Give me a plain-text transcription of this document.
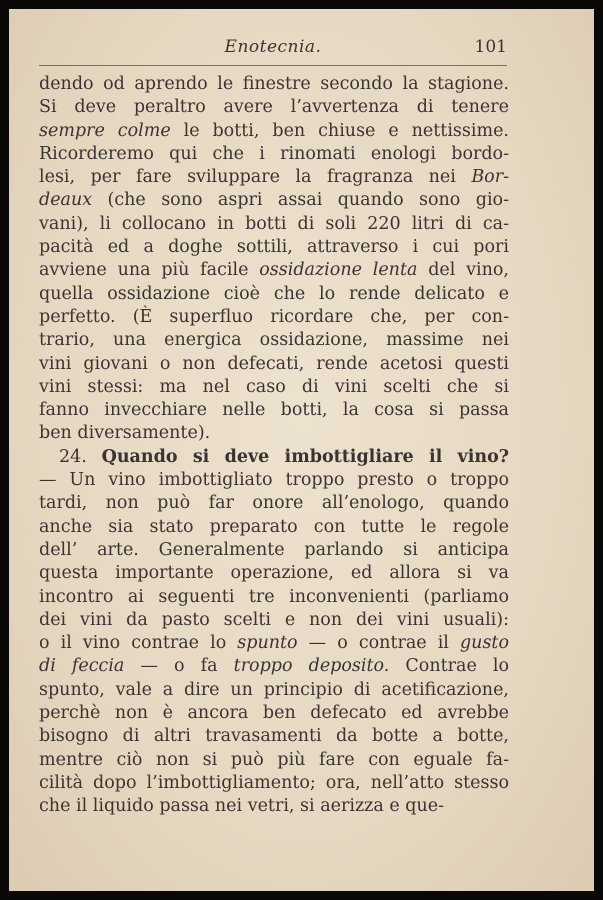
Enotecnia.	101
dendo od aprendo le finestre secondo la stagione.
Si deve peraltro avere l’avvertenza di tenere
sempre colme le botti, ben chiuse e nettissime.
Ricorderemo qui che i rinomati enologi bordo-
lesi, per fare sviluppare la fragranza nei Bor-
deaux (che sono aspri assai quando sono gio-
vani), li collocano in botti di soli 220 litri di ca-
pacità ed a doghe sottili, attraverso i cui pori
avviene una più facile ossidazione lenta del vino,
quella ossidazione cioè che lo rende delicato e
perfetto. (È superfluo ricordare che, per con-
trario, una energica ossidazione, massime nei
vini giovani o non defecati, rende acetosi questi
vini stessi: ma nel caso di vini scelti che si
fanno invecchiare nelle botti, la cosa si passa
ben diversamente).
24. Quando si deve imbottigliare il vino?
— Un vino imbottigliato troppo presto o troppo
tardi, non può far onore all’enologo, quando
anche sia stato preparato con tutte le regole
dell’ arte. Generalmente parlando si anticipa
questa importante operazione, ed allora si va
incontro ai seguenti tre inconvenienti (parliamo
dei vini da pasto scelti e non dei vini usuali):
o il vino contrae lo spunto — o contrae il gusto
di feccia — o fa troppo deposito. Contrae lo
spunto, vale a dire un principio di acetificazione,
perchè non è ancora ben defecato ed avrebbe
bisogno di altri travasamenti da botte a botte,
mentre ciò non si può più fare con eguale fa-
cilità dopo l’imbottigliamento; ora, nell’atto stesso
che il liquido passa nei vetri, si aerizza e que-
